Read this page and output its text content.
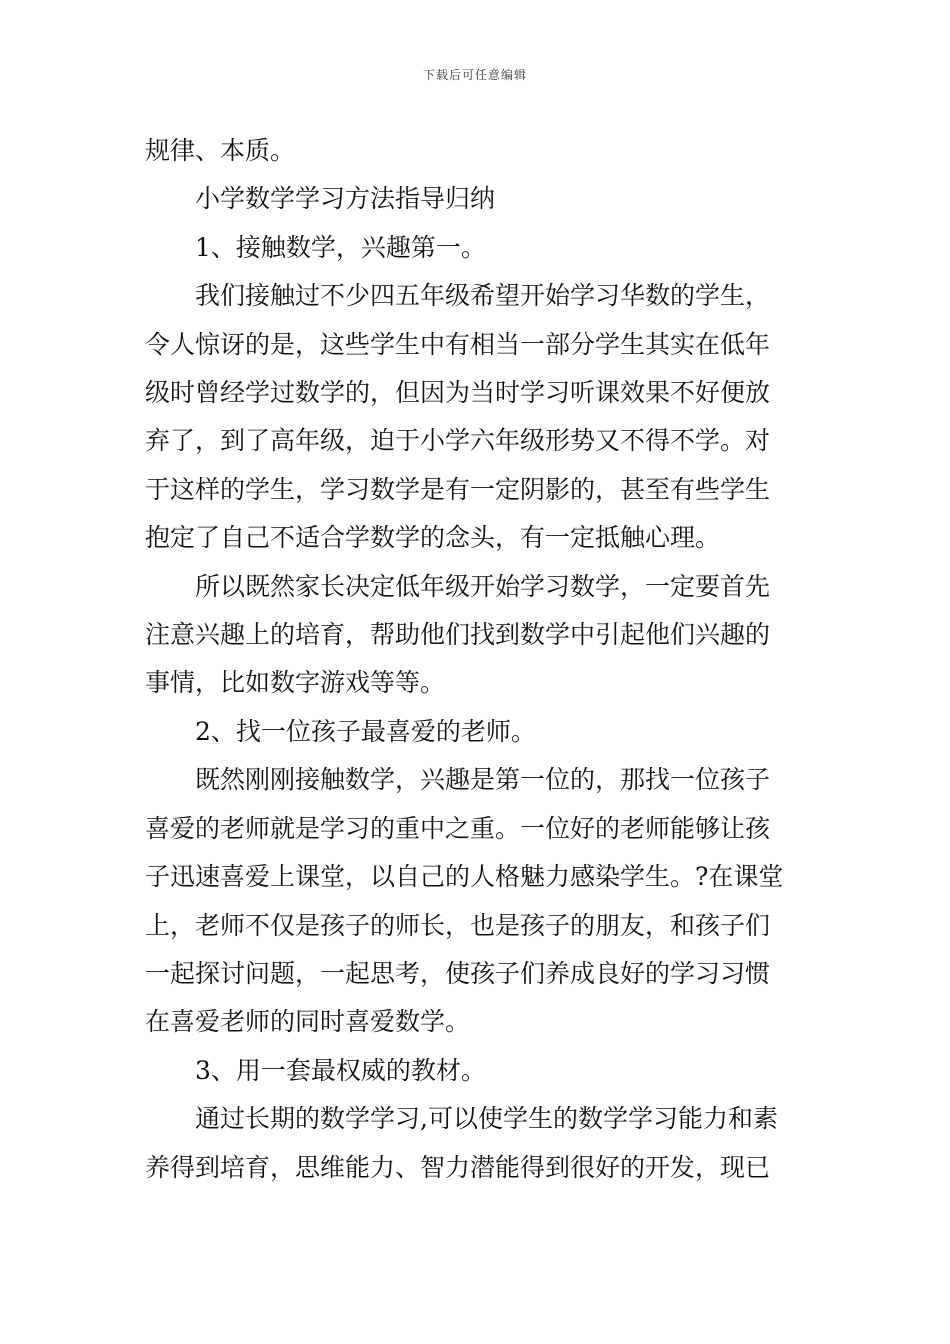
下载后可任意编辑

规律、本质。

小学数学学习方法指导归纳

1、接触数学，兴趣第一。

我们接触过不少四五年级希望开始学习华数的学生，

令人惊讶的是，这些学生中有相当一部分学生其实在低年

级时曾经学过数学的，但因为当时学习听课效果不好便放

弃了，到了高年级，迫于小学六年级形势又不得不学。对

于这样的学生，学习数学是有一定阴影的，甚至有些学生

抱定了自己不适合学数学的念头，有一定抵触心理。

所以既然家长决定低年级开始学习数学，一定要首先

注意兴趣上的培育，帮助他们找到数学中引起他们兴趣的

事情，比如数字游戏等等。

2、找一位孩子最喜爱的老师。

既然刚刚接触数学，兴趣是第一位的，那找一位孩子

喜爱的老师就是学习的重中之重。一位好的老师能够让孩

子迅速喜爱上课堂，以自己的人格魅力感染学生。?在课堂

上，老师不仅是孩子的师长，也是孩子的朋友，和孩子们

一起探讨问题，一起思考，使孩子们养成良好的学习习惯

在喜爱老师的同时喜爱数学。

3、用一套最权威的教材。

通过长期的数学学习,可以使学生的数学学习能力和素

养得到培育，思维能力、智力潜能得到很好的开发，现已
